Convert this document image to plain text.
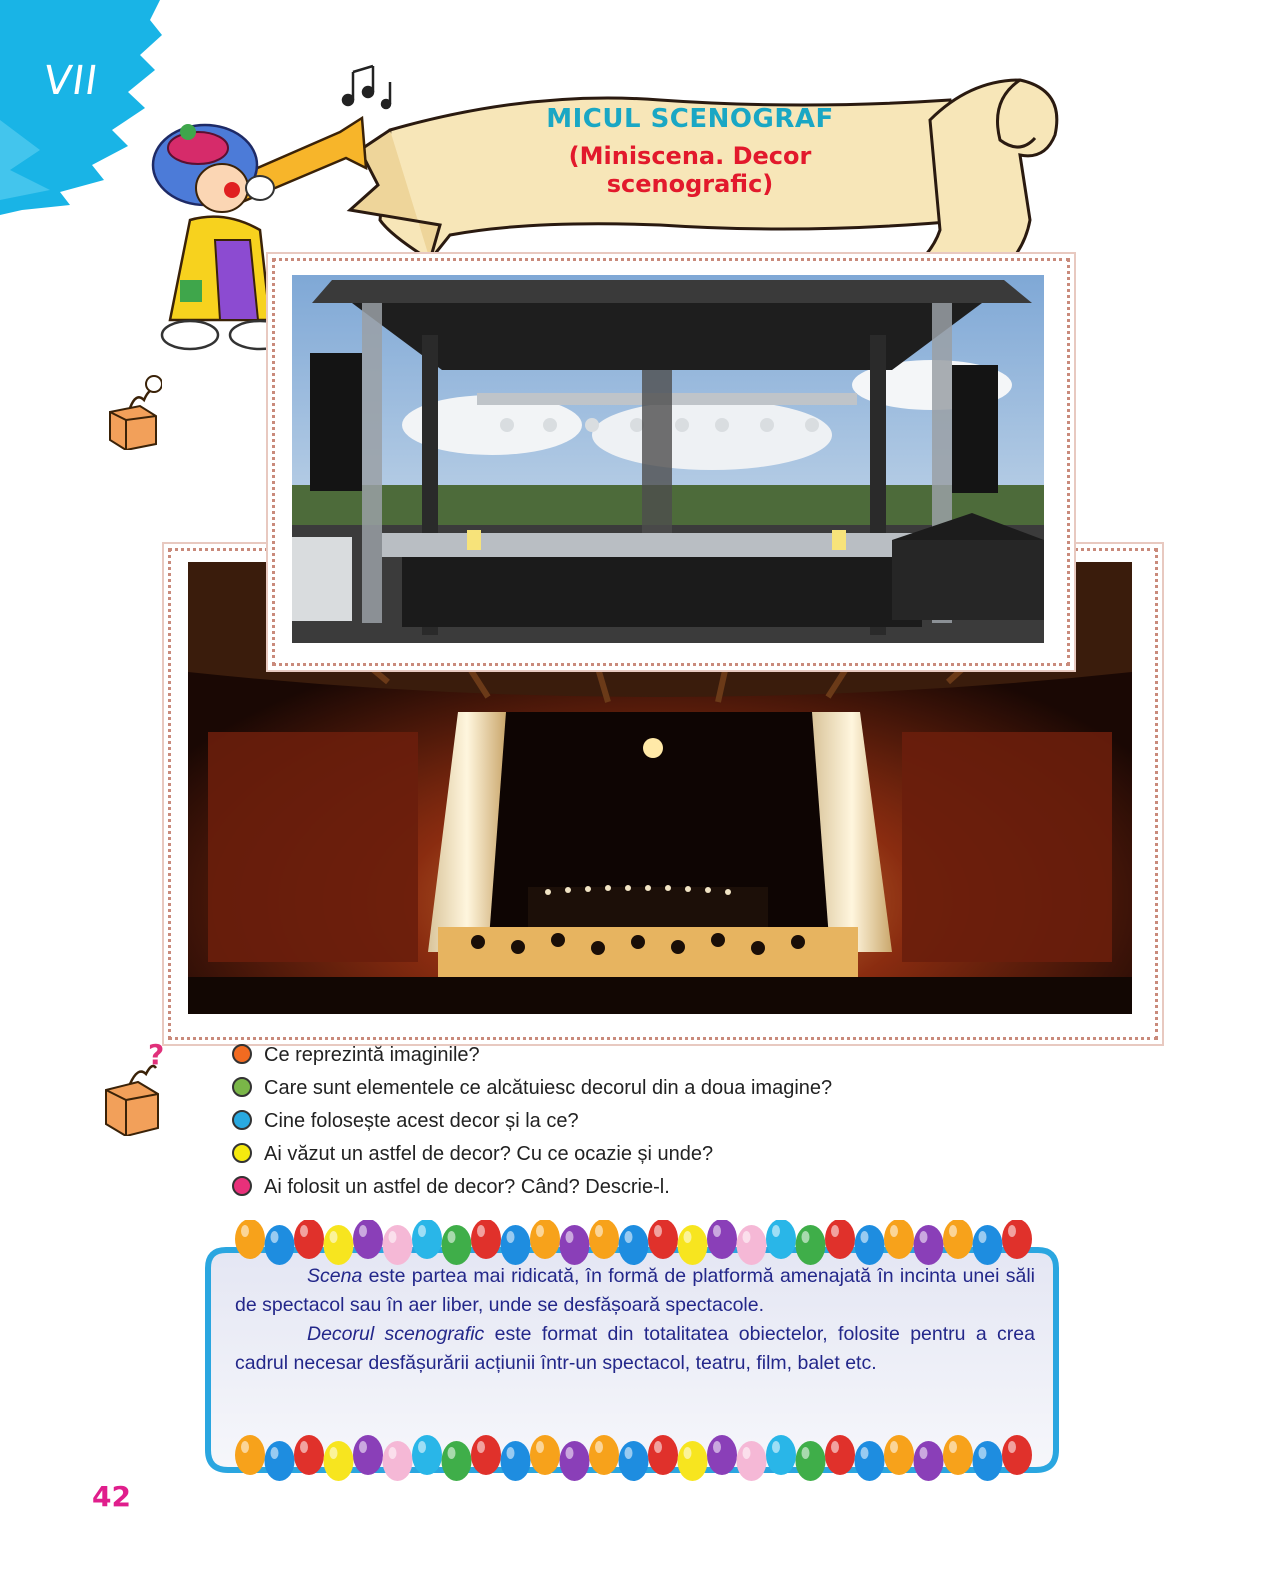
VII
MICUL SCENOGRAF
(Miniscena. Decor scenografic)
?	Ce reprezintă imaginile?
Care sunt elementele ce alcătuiesc decorul din a doua imagine?
Cine folosește acest decor și la ce?
Ai văzut un astfel de decor? Cu ce ocazie și unde?
Ai folosit un astfel de decor? Când? Descrie-l.

Scena este partea mai ridicată, în formă de platformă amenajată în incinta unei săli de spectacol sau în aer liber, unde se desfășoară spectacole.

Decorul scenografic este format din totalitatea obiectelor, folosite pentru a crea cadrul necesar desfășurării acțiunii într-un spectacol, teatru, film, balet etc.

42
